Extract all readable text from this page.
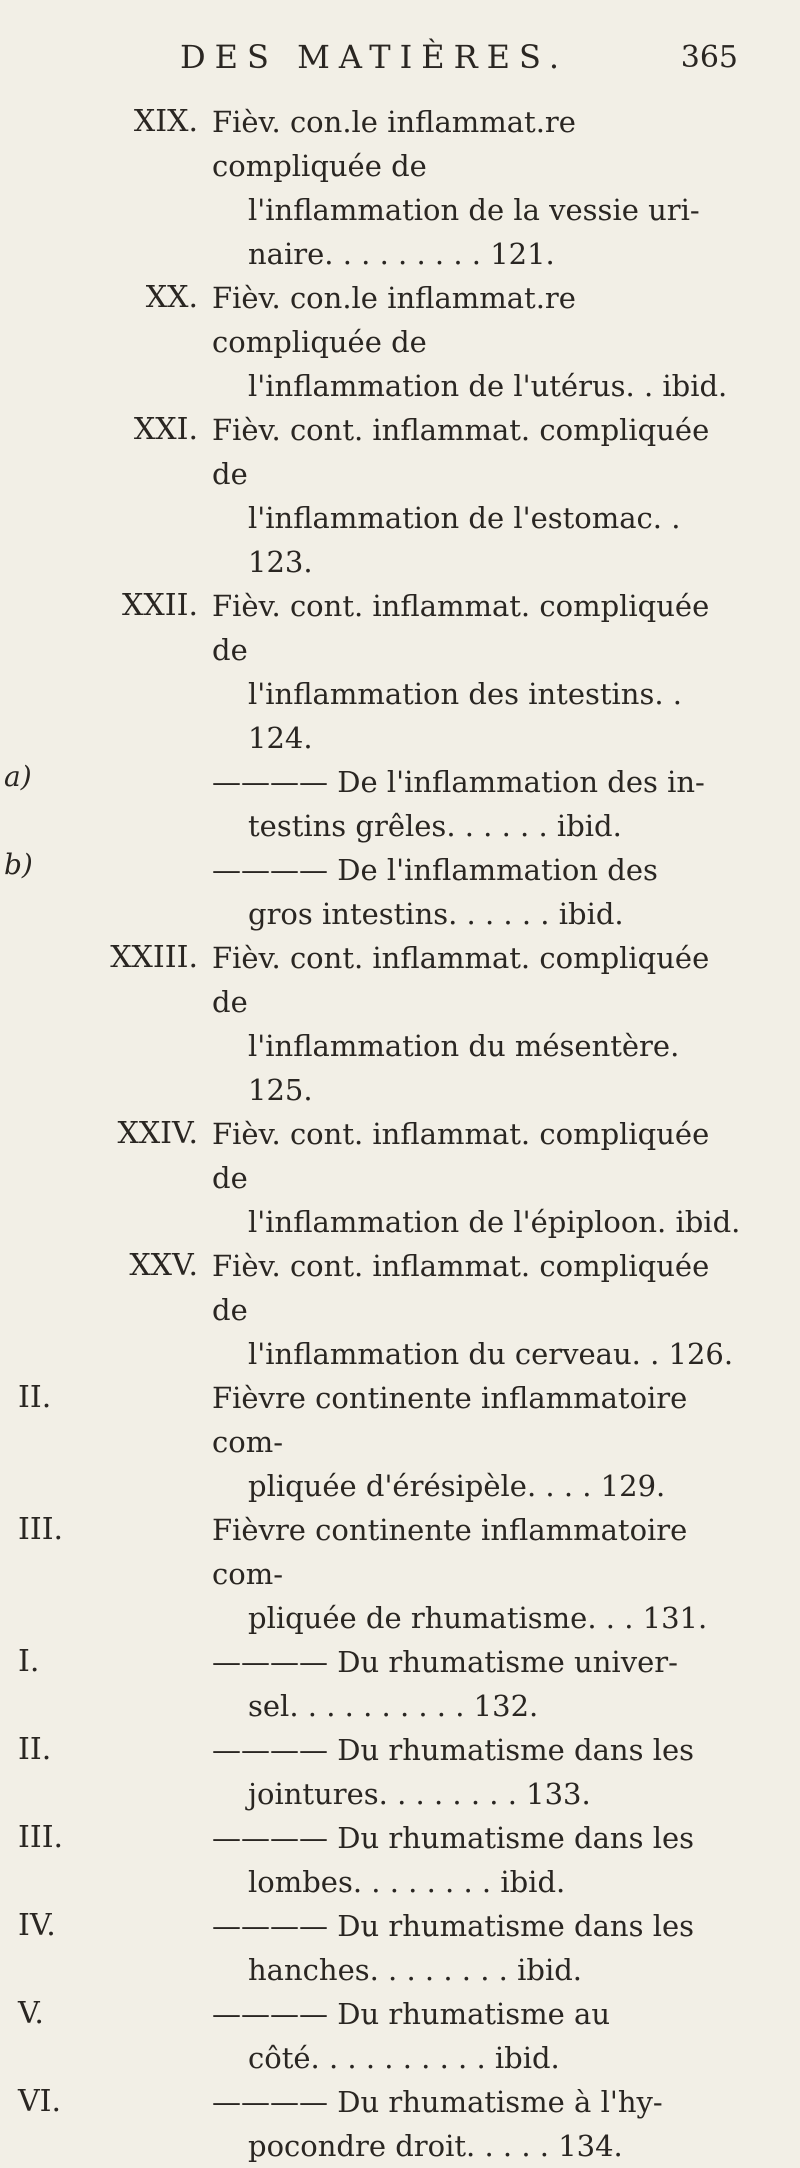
DES MATIÈRES.	365
XIX. Fièv. con.le inflammat.re compliquée de
l'inflammation de la vessie uri-
naire. . . . . . . . . 121.
XX. Fièv. con.le inflammat.re compliquée de
l'inflammation de l'utérus. . ibid.
XXI. Fièv. cont. inflammat. compliquée de
l'inflammation de l'estomac. . 123.
XXII. Fièv. cont. inflammat. compliquée de
l'inflammation des intestins. . 124.
a)	———— De l'inflammation des in-
testins grêles. . . . . . ibid.
b)	———— De l'inflammation des
gros intestins. . . . . . ibid.
XXIII. Fièv. cont. inflammat. compliquée de
l'inflammation du mésentère. 125.
XXIV. Fièv. cont. inflammat. compliquée de
l'inflammation de l'épiploon. ibid.
XXV. Fièv. cont. inflammat. compliquée de
l'inflammation du cerveau. . 126.
II.	Fièvre continente inflammatoire com-
pliquée d'érésipèle. . . . 129.
III.	Fièvre continente inflammatoire com-
pliquée de rhumatisme. . . 131.
I.	———— Du rhumatisme univer-
sel. . . . . . . . . . 132.
II.	———— Du rhumatisme dans les
jointures. . . . . . . . 133.
III.	———— Du rhumatisme dans les
lombes. . . . . . . . ibid.
IV.	———— Du rhumatisme dans les
hanches. . . . . . . . ibid.
V.	———— Du rhumatisme au
côté. . . . . . . . . . ibid.
VI.	———— Du rhumatisme à l'hy-
pocondre droit. . . . . 134.
